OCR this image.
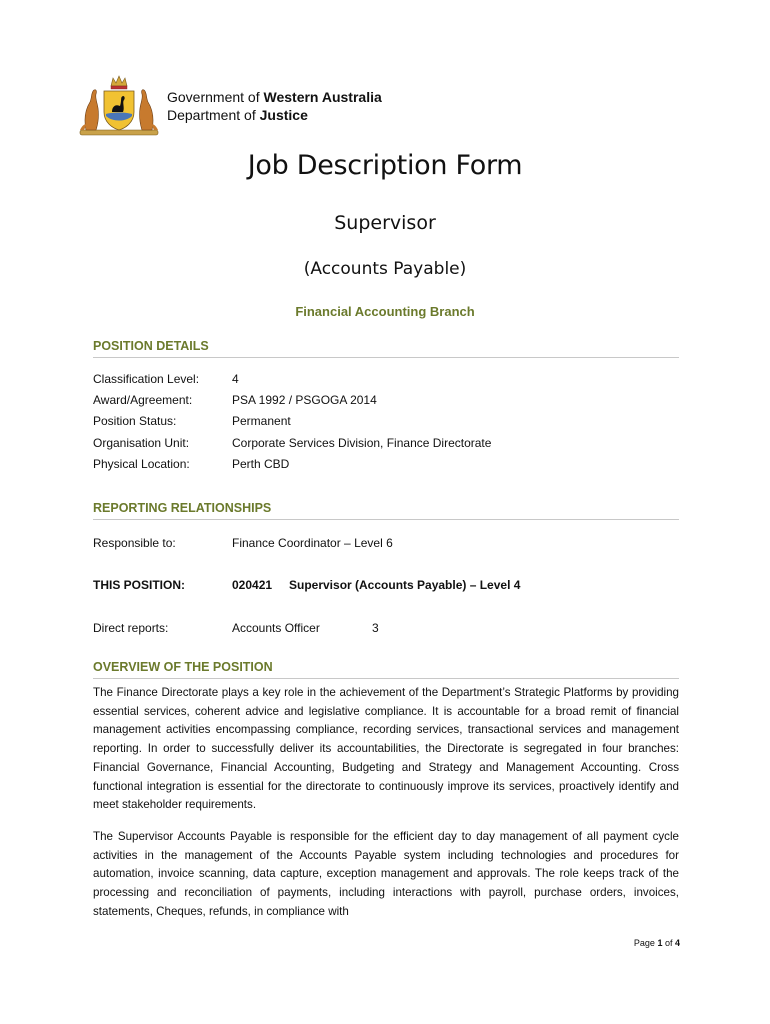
Government of Western Australia
Department of Justice
Job Description Form
Supervisor
(Accounts Payable)
Financial Accounting Branch
POSITION DETAILS
Classification Level:	4
Award/Agreement:	PSA 1992 / PSGOGA 2014
Position Status:	Permanent
Organisation Unit:	Corporate Services Division, Finance Directorate
Physical Location:	Perth CBD
REPORTING RELATIONSHIPS
Responsible to:	Finance Coordinator – Level 6
THIS POSITION:	020421 Supervisor (Accounts Payable) – Level 4
Direct reports:	Accounts Officer	3
OVERVIEW OF THE POSITION
The Finance Directorate plays a key role in the achievement of the Department’s Strategic Platforms by providing essential services, coherent advice and legislative compliance. It is accountable for a broad remit of financial management activities encompassing compliance, recording services, transactional services and management reporting. In order to successfully deliver its accountabilities, the Directorate is segregated in four branches: Financial Governance, Financial Accounting, Budgeting and Strategy and Management Accounting. Cross functional integration is essential for the directorate to continuously improve its services, proactively identify and meet stakeholder requirements.
The Supervisor Accounts Payable is responsible for the efficient day to day management of all payment cycle activities in the management of the Accounts Payable system including technologies and procedures for automation, invoice scanning, data capture, exception management and approvals. The role keeps track of the processing and reconciliation of payments, including interactions with payroll, purchase orders, invoices, statements, Cheques, refunds, in compliance with
Page 1 of 4
